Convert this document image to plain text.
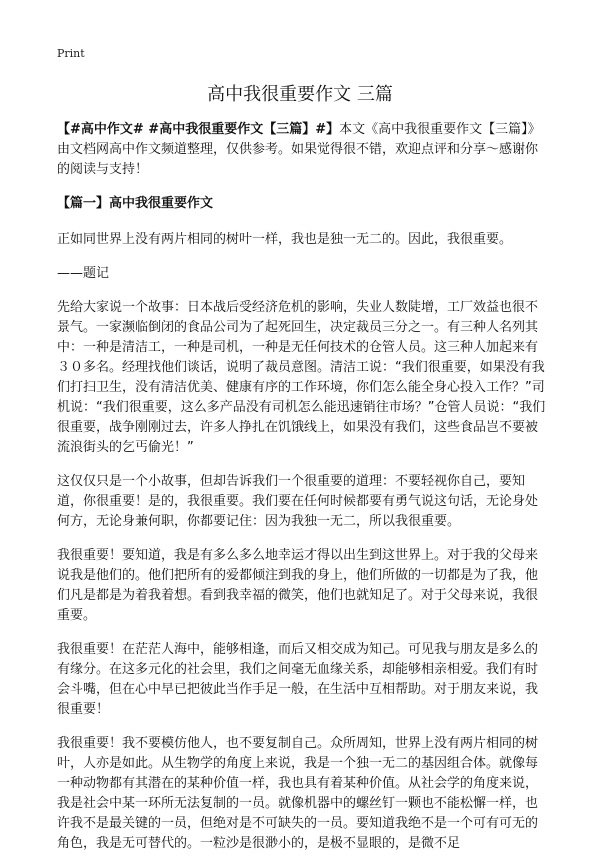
Print
高中我很重要作文 三篇

【#高中作文# #高中我很重要作文【三篇】#】本文《高中我很重要作文【三篇】》由文档网高中作文频道整理，仅供参考。如果觉得很不错，欢迎点评和分享～感谢你的阅读与支持！

【篇一】高中我很重要作文

正如同世界上没有两片相同的树叶一样，我也是独一无二的。因此，我很重要。

——题记

先给大家说一个故事：日本战后受经济危机的影响，失业人数陡增，工厂效益也很不景气。一家濒临倒闭的食品公司为了起死回生，决定裁员三分之一。有三种人名列其中：一种是清洁工，一种是司机，一种是无任何技术的仓管人员。这三种人加起来有３０多名。经理找他们谈话，说明了裁员意图。清洁工说：“我们很重要，如果没有我们打扫卫生，没有清洁优美、健康有序的工作环境，你们怎么能全身心投入工作？”司机说：“我们很重要，这么多产品没有司机怎么能迅速销往市场？”仓管人员说：“我们很重要，战争刚刚过去，许多人挣扎在饥饿线上，如果没有我们，这些食品岂不要被流浪街头的乞丐偷光！”

这仅仅只是一个小故事，但却告诉我们一个很重要的道理：不要轻视你自己，要知道，你很重要！是的，我很重要。我们要在任何时候都要有勇气说这句话，无论身处何方，无论身兼何职，你都要记住：因为我独一无二，所以我很重要。

我很重要！要知道，我是有多么多么地幸运才得以出生到这世界上。对于我的父母来说我是他们的。他们把所有的爱都倾注到我的身上，他们所做的一切都是为了我，他们凡是都是为着我着想。看到我幸福的微笑，他们也就知足了。对于父母来说，我很重要。

我很重要！在茫茫人海中，能够相逢，而后又相交成为知己。可见我与朋友是多么的有缘分。在这多元化的社会里，我们之间毫无血缘关系，却能够相亲相爱。我们有时会斗嘴，但在心中早已把彼此当作手足一般，在生活中互相帮助。对于朋友来说，我很重要！

我很重要！我不要模仿他人，也不要复制自己。众所周知，世界上没有两片相同的树叶，人亦是如此。从生物学的角度上来说，我是一个独一无二的基因组合体。就像每一种动物都有其潜在的某种价值一样，我也具有着某种价值。从社会学的角度来说，我是社会中某一环所无法复制的一员。就像机器中的螺丝钉一颗也不能松懈一样，也许我不是最关键的一员，但绝对是不可缺失的一员。要知道我绝不是一个可有可无的角色，我是无可替代的。一粒沙是很渺小的，是极不显眼的，是微不足
